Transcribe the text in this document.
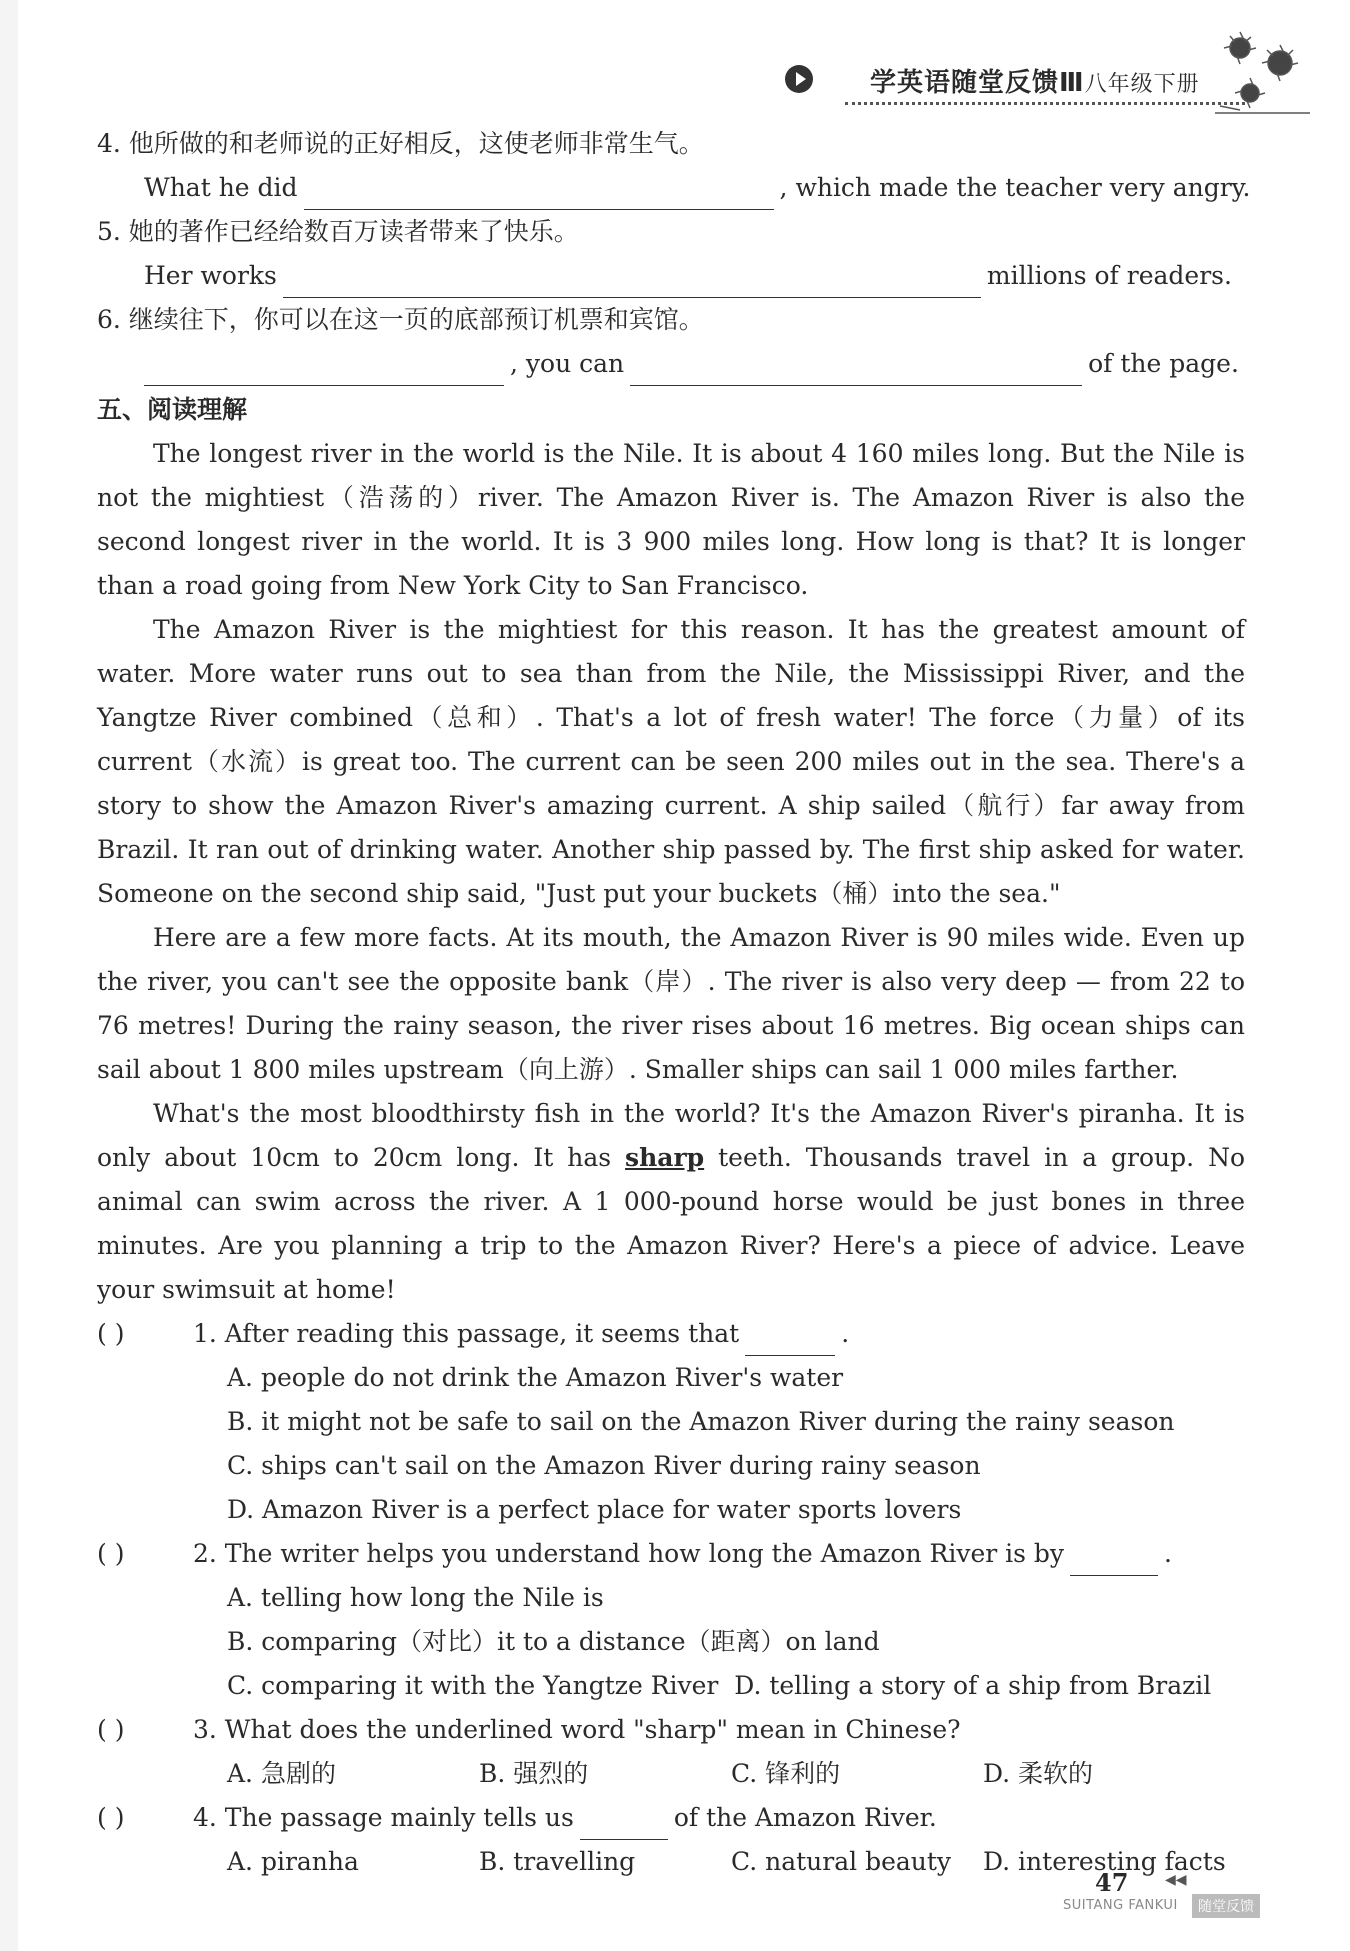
学英语随堂反馈Ⅲ八年级下册
4. 他所做的和老师说的正好相反，这使老师非常生气。
What he did	, which made the teacher very angry.
5. 她的著作已经给数百万读者带来了快乐。
Her works	millions of readers.
6. 继续往下，你可以在这一页的底部预订机票和宾馆。
, you can	of the page.
五、阅读理解

The longest river in the world is the Nile. It is about 4 160 miles long. But the Nile is not the mightiest（浩荡的）river. The Amazon River is. The Amazon River is also the second longest river in the world. It is 3 900 miles long. How long is that? It is longer than a road going from New York City to San Francisco.

The Amazon River is the mightiest for this reason. It has the greatest amount of water. More water runs out to sea than from the Nile, the Mississippi River, and the Yangtze River combined（总和）. That's a lot of fresh water! The force（力量）of its current（水流）is great too. The current can be seen 200 miles out in the sea. There's a story to show the Amazon River's amazing current. A ship sailed（航行）far away from Brazil. It ran out of drinking water. Another ship passed by. The first ship asked for water. Someone on the second ship said, "Just put your buckets（桶）into the sea."

Here are a few more facts. At its mouth, the Amazon River is 90 miles wide. Even up the river, you can't see the opposite bank（岸）. The river is also very deep — from 22 to 76 metres! During the rainy season, the river rises about 16 metres. Big ocean ships can sail about 1 800 miles upstream（向上游）. Smaller ships can sail 1 000 miles farther.

What's the most bloodthirsty fish in the world? It's the Amazon River's piranha. It is only about 10cm to 20cm long. It has sharp teeth. Thousands travel in a group. No animal can swim across the river. A 1 000-pound horse would be just bones in three minutes. Are you planning a trip to the Amazon River? Here's a piece of advice. Leave your swimsuit at home!

( )	1. After reading this passage, it seems that	.
A. people do not drink the Amazon River's water
B. it might not be safe to sail on the Amazon River during the rainy season
C. ships can't sail on the Amazon River during rainy season
D. Amazon River is a perfect place for water sports lovers
( )	2. The writer helps you understand how long the Amazon River is by	.
A. telling how long the Nile is
B. comparing（对比）it to a distance（距离）on land
C. comparing it with the Yangtze River D. telling a story of a ship from Brazil
( )	3. What does the underlined word "sharp" mean in Chinese?
A. 急剧的	B. 强烈的	C. 锋利的	D. 柔软的
( )	4. The passage mainly tells us	of the Amazon River.
A. piranha	B. travelling	C. natural beauty	D. interesting facts
47	◀◀
SUITANG FANKUI	随堂反馈
